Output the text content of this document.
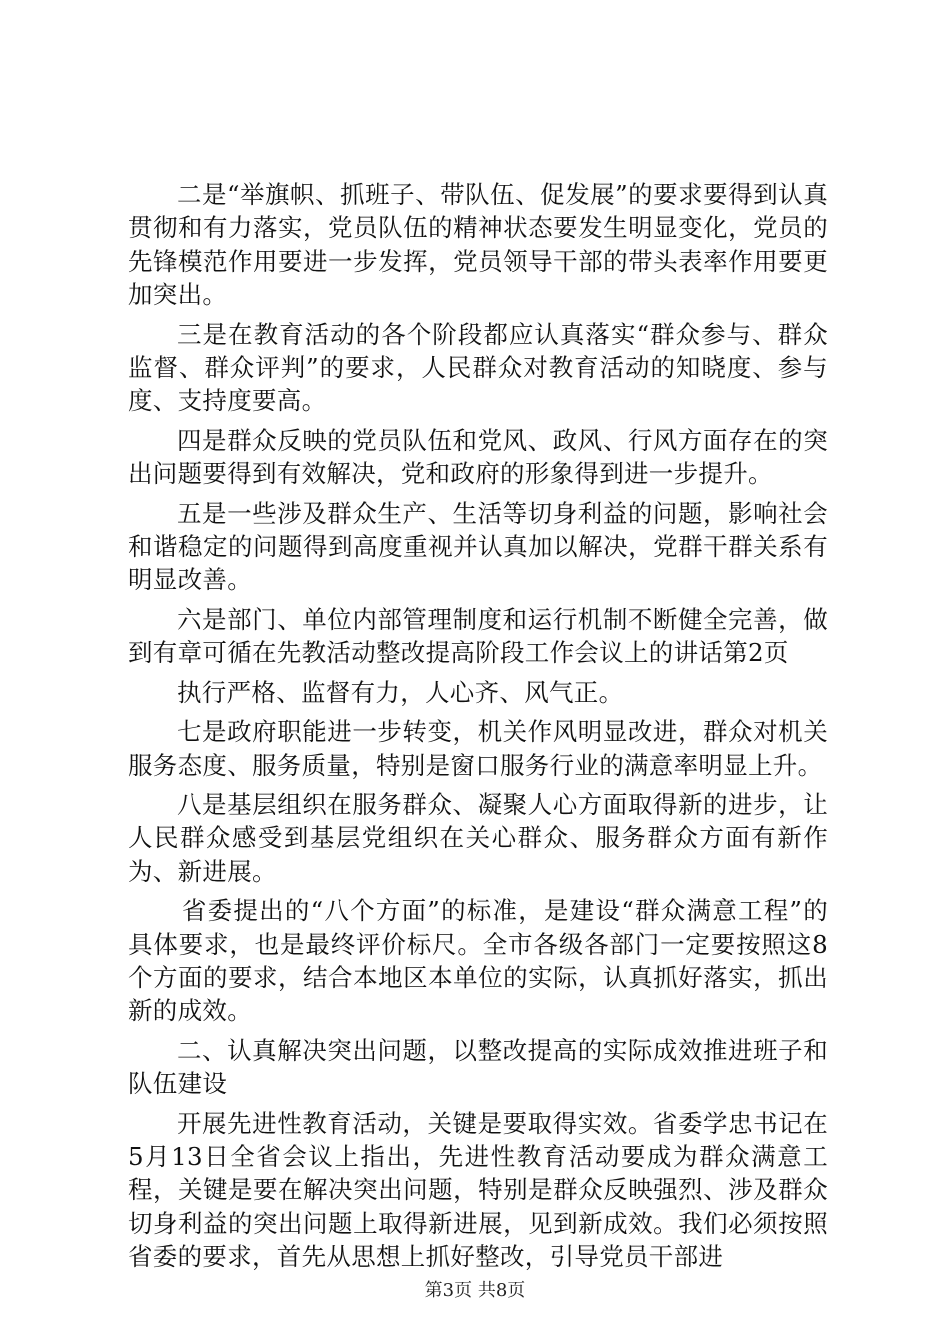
二是“举旗帜、抓班子、带队伍、促发展”的要求要得到认真贯彻和有力落实，党员队伍的精神状态要发生明显变化，党员的先锋模范作用要进一步发挥，党员领导干部的带头表率作用要更加突出。

三是在教育活动的各个阶段都应认真落实“群众参与、群众监督、群众评判”的要求，人民群众对教育活动的知晓度、参与度、支持度要高。

四是群众反映的党员队伍和党风、政风、行风方面存在的突出问题要得到有效解决，党和政府的形象得到进一步提升。

五是一些涉及群众生产、生活等切身利益的问题，影响社会和谐稳定的问题得到高度重视并认真加以解决，党群干群关系有明显改善。

六是部门、单位内部管理制度和运行机制不断健全完善，做到有章可循在先教活动整改提高阶段工作会议上的讲话第2页

执行严格、监督有力，人心齐、风气正。

七是政府职能进一步转变，机关作风明显改进，群众对机关服务态度、服务质量，特别是窗口服务行业的满意率明显上升。

八是基层组织在服务群众、凝聚人心方面取得新的进步，让人民群众感受到基层党组织在关心群众、服务群众方面有新作为、新进展。

省委提出的“八个方面”的标准，是建设“群众满意工程”的具体要求，也是最终评价标尺。全市各级各部门一定要按照这8个方面的要求，结合本地区本单位的实际，认真抓好落实，抓出新的成效。

二、认真解决突出问题，以整改提高的实际成效推进班子和队伍建设

开展先进性教育活动，关键是要取得实效。省委学忠书记在5月13日全省会议上指出，先进性教育活动要成为群众满意工程，关键是要在解决突出问题，特别是群众反映强烈、涉及群众切身利益的突出问题上取得新进展，见到新成效。我们必须按照省委的要求，首先从思想上抓好整改，引导党员干部进

第3页 共8页
